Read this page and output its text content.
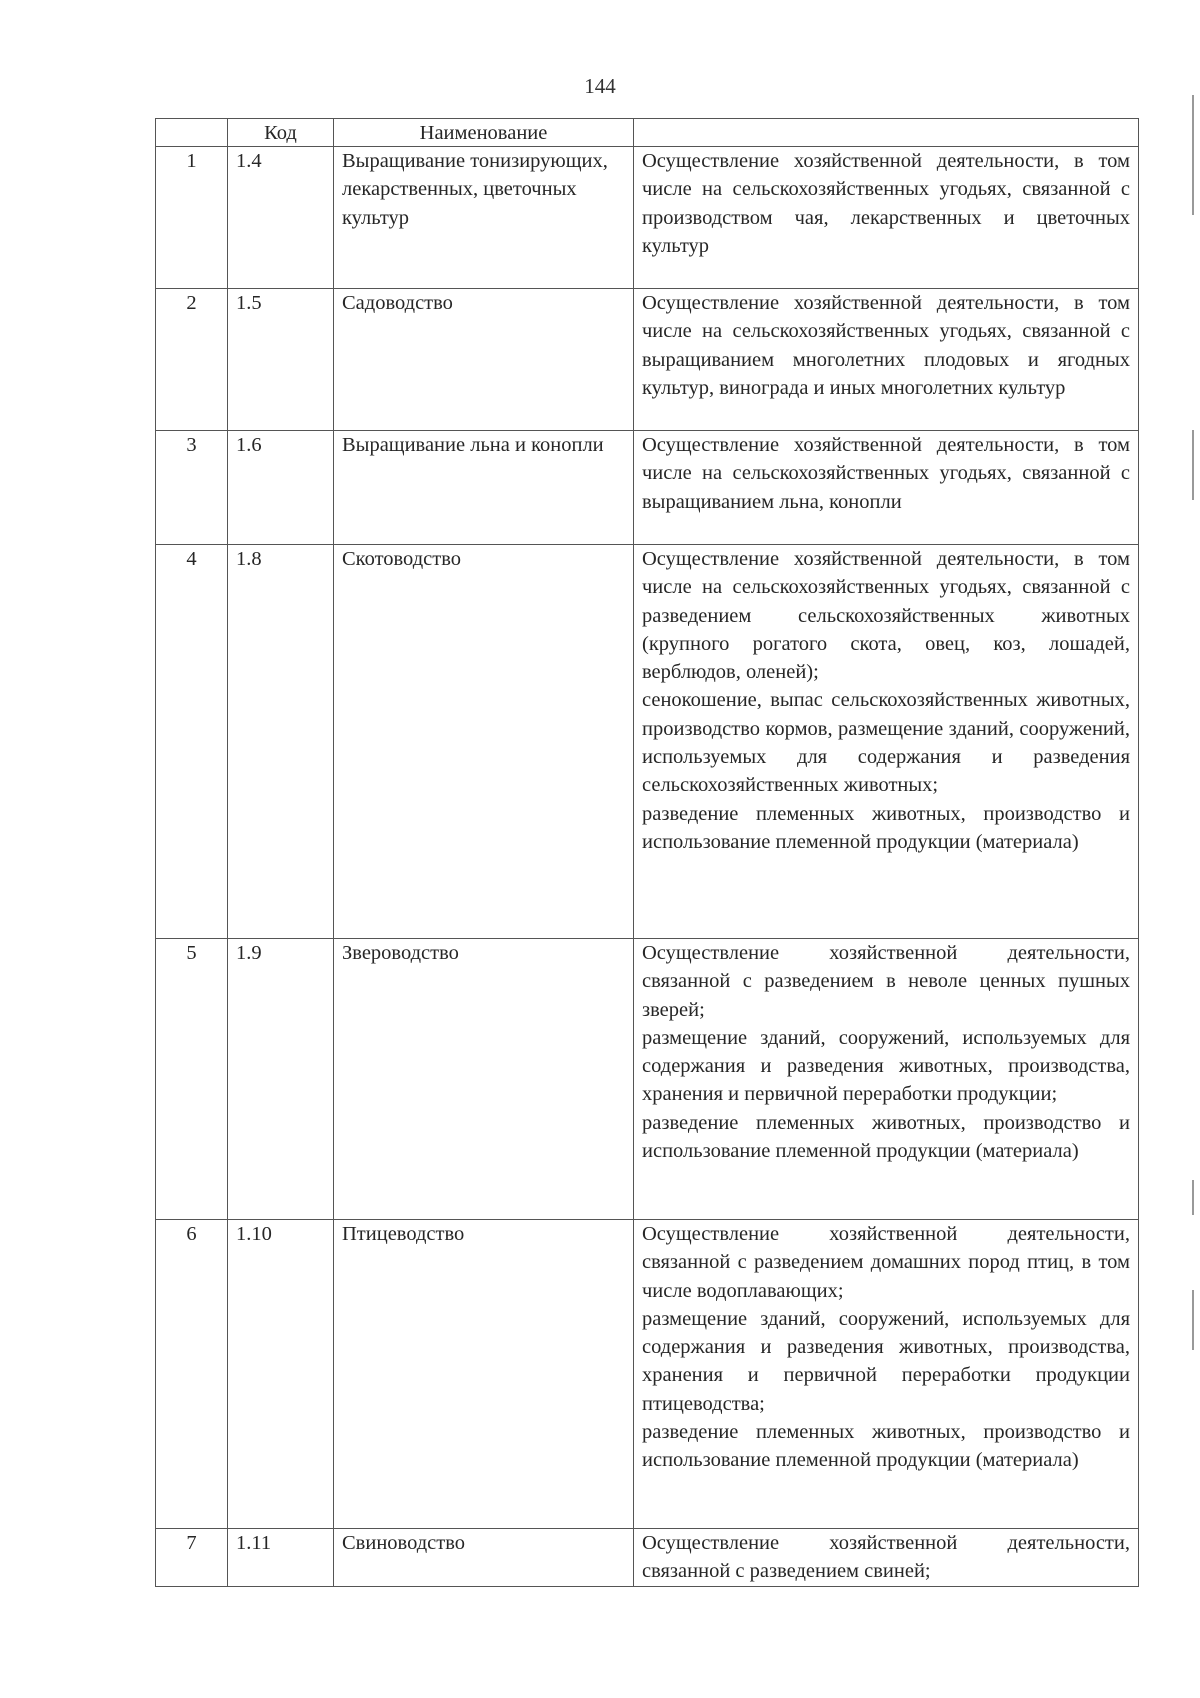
144
	Код	Наименование	
1	1.4	Выращивание тонизирующих, лекарственных, цветочных культур	Осуществление хозяйственной деятельности, в том числе на сельскохозяйственных угодьях, связанной с производством чая, лекарственных и цветочных культур

2	1.5	Садоводство	Осуществление хозяйственной деятельности, в том числе на сельскохозяйственных угодьях, связанной с выращиванием многолетних плодовых и ягодных культур, винограда и иных многолетних культур

3	1.6	Выращивание льна и конопли	Осуществление хозяйственной деятельности, в том числе на сельскохозяйственных угодьях, связанной с выращиванием льна, конопли

4	1.8	Скотоводство	Осуществление хозяйственной деятельности, в том числе на сельскохозяйственных угодьях, связанной с разведением сельскохозяйственных животных (крупного рогатого скота, овец, коз, лошадей, верблюдов, оленей);

сенокошение, выпас сельскохозяйственных животных, производство кормов, размещение зданий, сооружений, используемых для содержания и разведения сельскохозяйственных животных;

разведение племенных животных, производство и использование племенной продукции (материала)

5	1.9	Звероводство	Осуществление хозяйственной деятельности, связанной с разведением в неволе ценных пушных зверей;

размещение зданий, сооружений, используемых для содержания и разведения животных, производства, хранения и первичной переработки продукции;

разведение племенных животных, производство и использование племенной продукции (материала)

6	1.10	Птицеводство	Осуществление хозяйственной деятельности, связанной с разведением домашних пород птиц, в том числе водоплавающих;

размещение зданий, сооружений, используемых для содержания и разведения животных, производства, хранения и первичной переработки продукции птицеводства;

разведение племенных животных, производство и использование племенной продукции (материала)

7	1.11	Свиноводство	Осуществление хозяйственной деятельности, связанной с разведением свиней;
